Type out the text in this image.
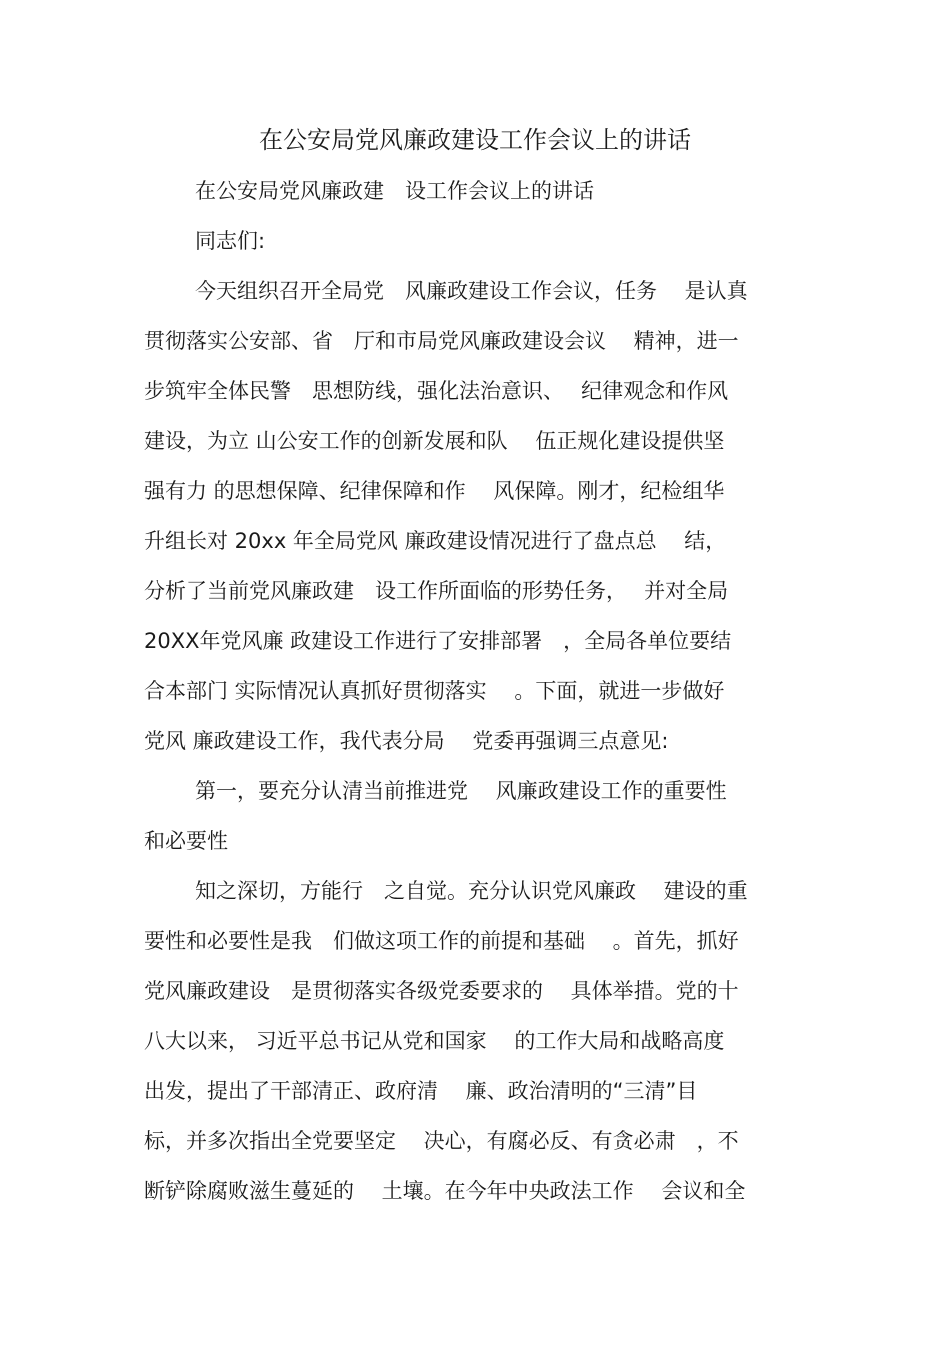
在公安局党风廉政建设工作会议上的讲话

在公安局党风廉政建　设工作会议上的讲话

同志们:

今天组织召开全局党　风廉政建设工作会议，任务　 是认真

贯彻落实公安部、省　厅和市局党风廉政建设会议　 精神，进一

步筑牢全体民警　思想防线，强化法治意识、　 纪律观念和作风

建设，为立 山公安工作的创新发展和队　 伍正规化建设提供坚

强有力 的思想保障、纪律保障和作　 风保障。刚才，纪检组华

升组长对 20xx 年全局党风 廉政建设情况进行了盘点总　 结，

分析了当前党风廉政建　设工作所面临的形势任务，　 并对全局

20XX年党风廉 政建设工作进行了安排部署　，全局各单位要结

合本部门 实际情况认真抓好贯彻落实　 。下面，就进一步做好

党风 廉政建设工作，我代表分局　 党委再强调三点意见:

第一，要充分认清当前推进党　 风廉政建设工作的重要性

和必要性

知之深切，方能行　之自觉。充分认识党风廉政　 建设的重

要性和必要性是我　们做这项工作的前提和基础　 。首先，抓好

党风廉政建设　是贯彻落实各级党委要求的　 具体举措。党的十

八大以来， 习近平总书记从党和国家　 的工作大局和战略高度

出发，提出了干部清正、政府清　 廉、政治清明的“三清”目

标，并多次指出全党要坚定　 决心，有腐必反、有贪必肃　，不

断铲除腐败滋生蔓延的　 土壤。在今年中央政法工作　 会议和全
